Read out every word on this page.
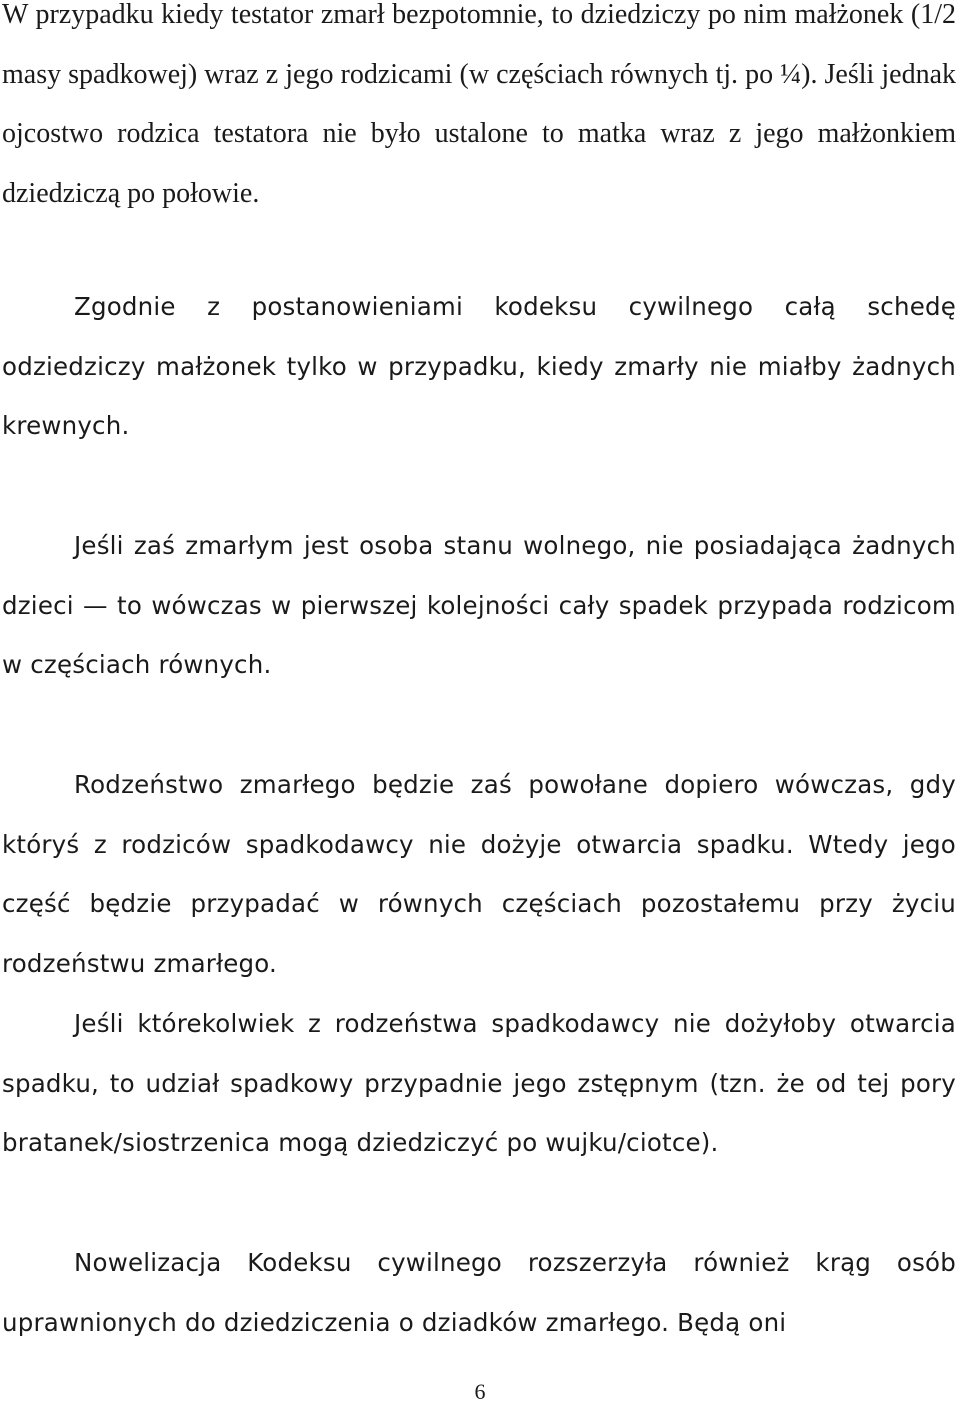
W przypadku kiedy testator zmarł bezpotomnie, to dziedziczy po nim małżonek (1/2 masy spadkowej) wraz z jego rodzicami (w częściach równych tj. po ¼). Jeśli jednak ojcostwo rodzica testatora nie było ustalone to matka wraz z jego małżonkiem dziedziczą po połowie.

Zgodnie z postanowieniami kodeksu cywilnego całą schedę odziedziczy małżonek tylko w przypadku, kiedy zmarły nie miałby żadnych krewnych.

Jeśli zaś zmarłym jest osoba stanu wolnego, nie posiadająca żadnych dzieci — to wówczas w pierwszej kolejności cały spadek przypada rodzicom w częściach równych.

Rodzeństwo zmarłego będzie zaś powołane dopiero wówczas, gdy któryś z rodziców spadkodawcy nie dożyje otwarcia spadku. Wtedy jego część będzie przypadać w równych częściach pozostałemu przy życiu rodzeństwu zmarłego.

Jeśli którekolwiek z rodzeństwa spadkodawcy nie dożyłoby otwarcia spadku, to udział spadkowy przypadnie jego zstępnym (tzn. że od tej pory bratanek/siostrzenica mogą dziedziczyć po wujku/ciotce).

Nowelizacja Kodeksu cywilnego rozszerzyła również krąg osób uprawnionych do dziedziczenia o dziadków zmarłego. Będą oni

6
